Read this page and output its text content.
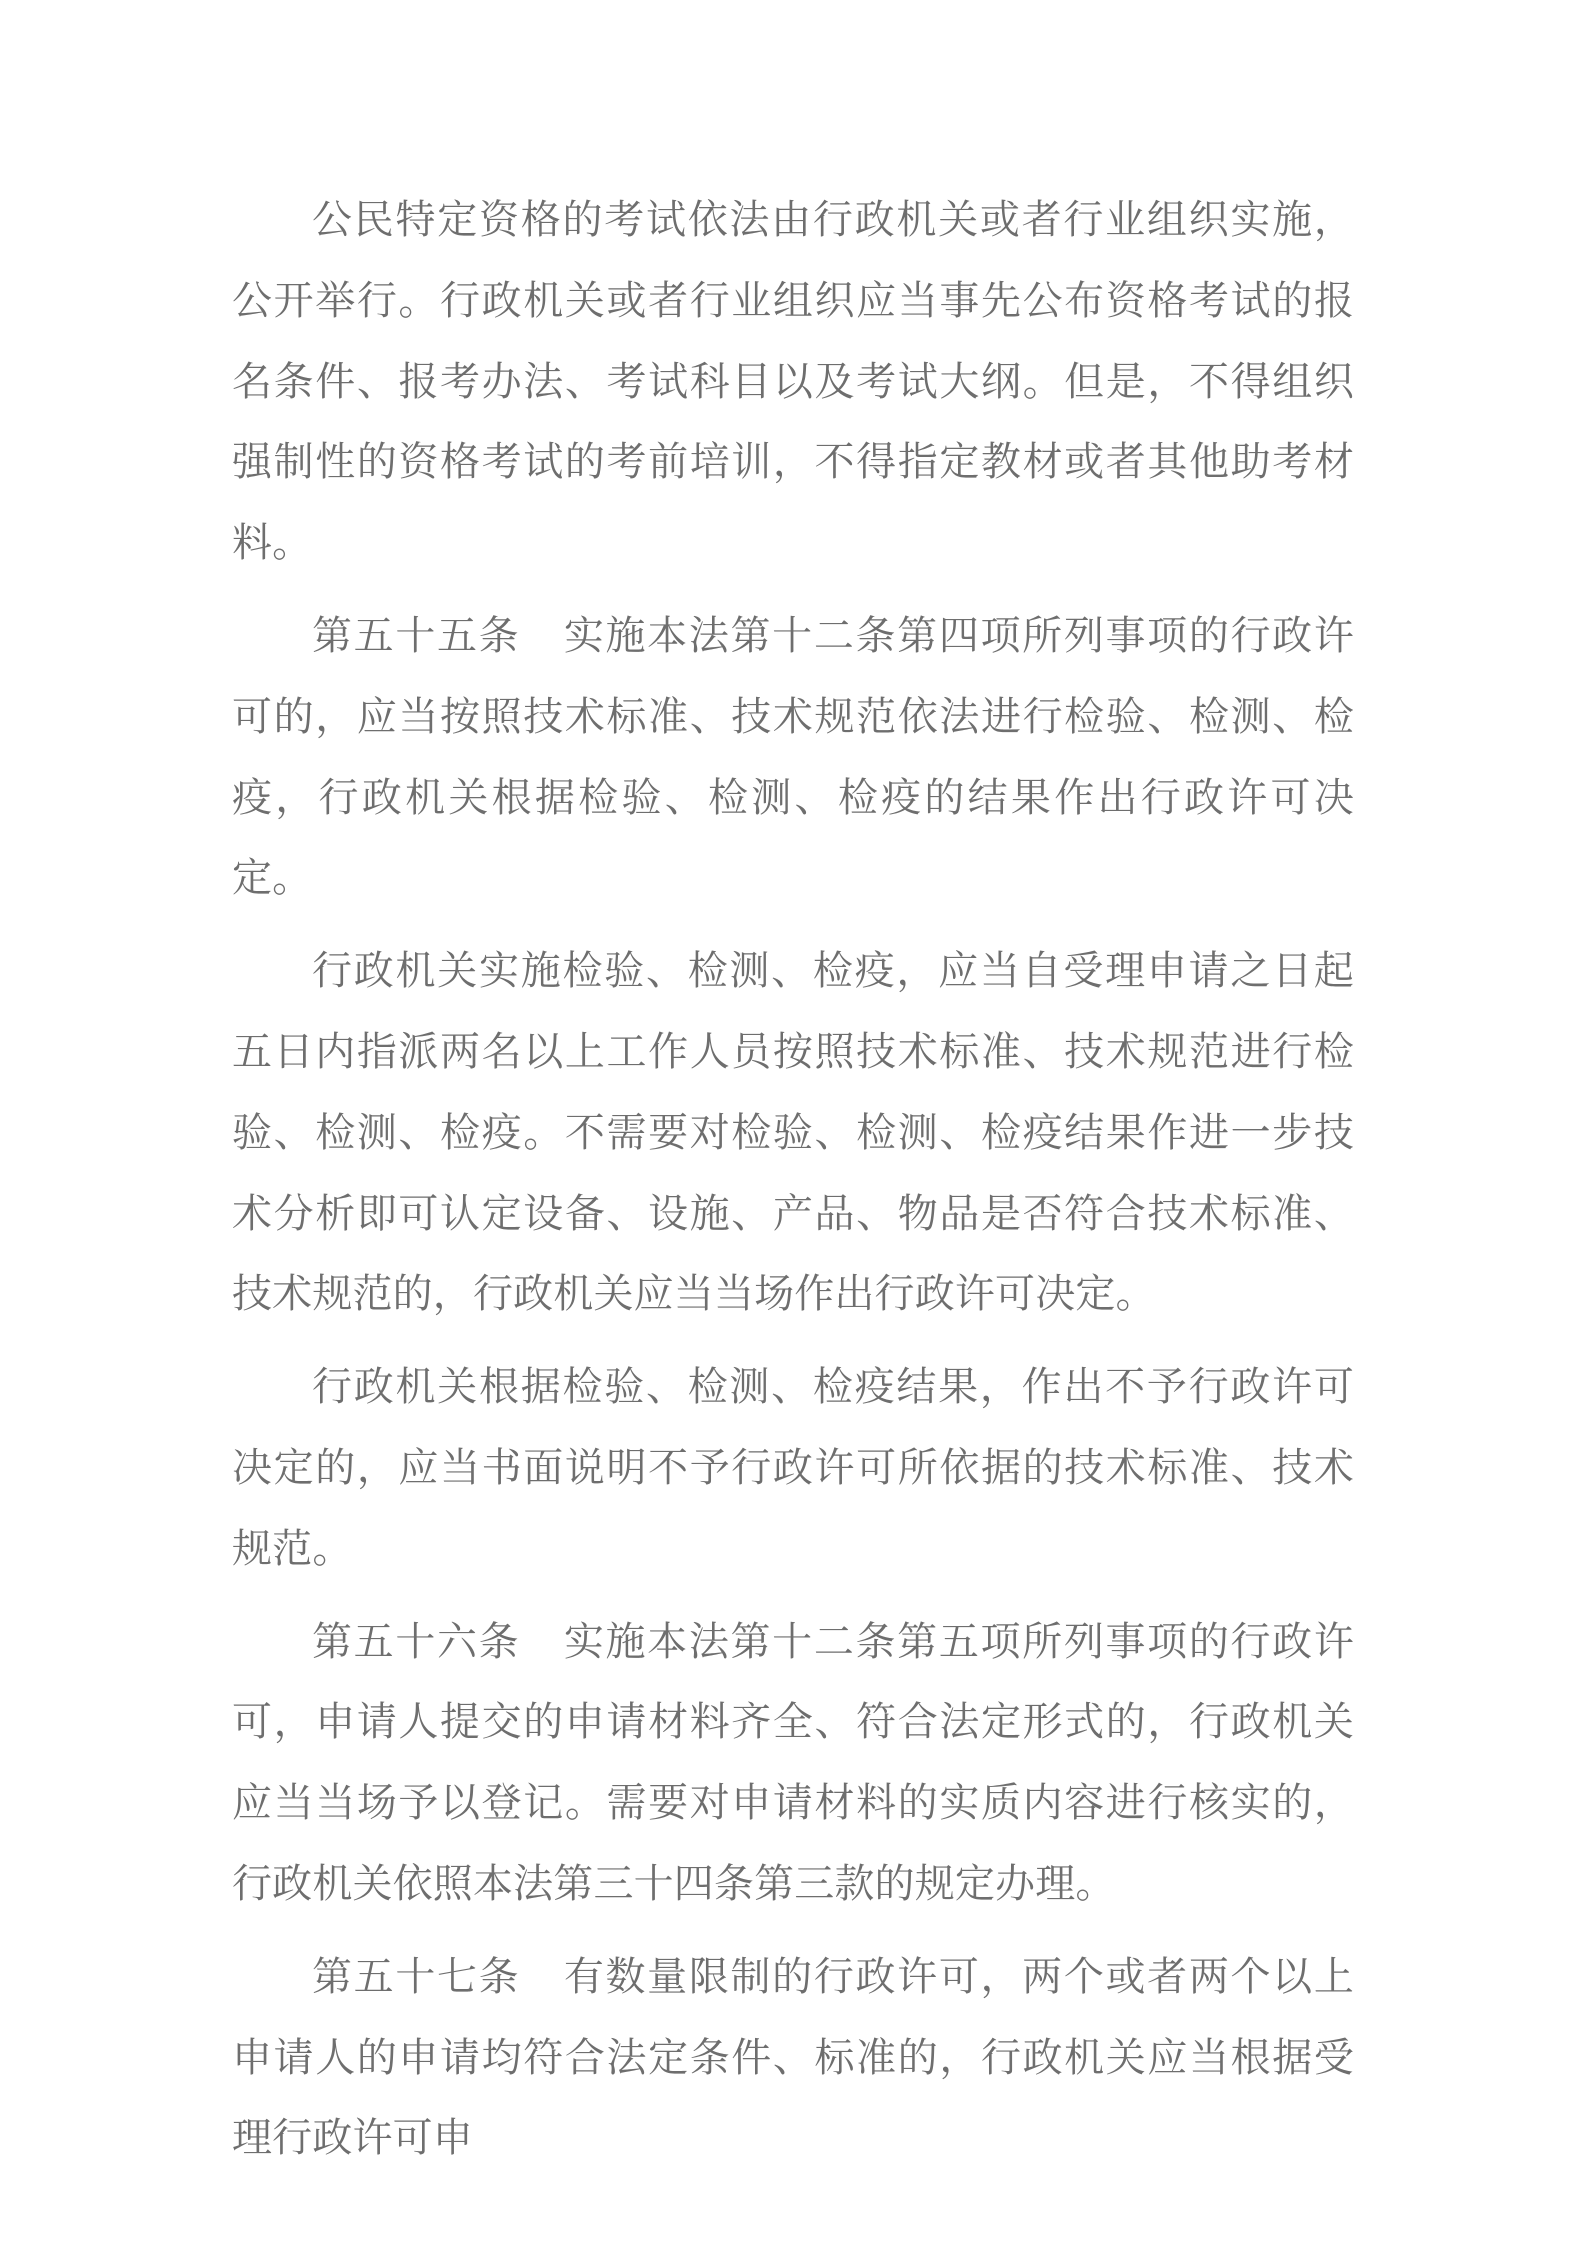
公民特定资格的考试依法由行政机关或者行业组织实施，公开举行。行政机关或者行业组织应当事先公布资格考试的报名条件、报考办法、考试科目以及考试大纲。但是，不得组织强制性的资格考试的考前培训，不得指定教材或者其他助考材料。

第五十五条 实施本法第十二条第四项所列事项的行政许可的，应当按照技术标准、技术规范依法进行检验、检测、检疫，行政机关根据检验、检测、检疫的结果作出行政许可决定。

行政机关实施检验、检测、检疫，应当自受理申请之日起五日内指派两名以上工作人员按照技术标准、技术规范进行检验、检测、检疫。不需要对检验、检测、检疫结果作进一步技术分析即可认定设备、设施、产品、物品是否符合技术标准、技术规范的，行政机关应当当场作出行政许可决定。

行政机关根据检验、检测、检疫结果，作出不予行政许可决定的，应当书面说明不予行政许可所依据的技术标准、技术规范。

第五十六条 实施本法第十二条第五项所列事项的行政许可，申请人提交的申请材料齐全、符合法定形式的，行政机关应当当场予以登记。需要对申请材料的实质内容进行核实的，行政机关依照本法第三十四条第三款的规定办理。

第五十七条 有数量限制的行政许可，两个或者两个以上申请人的申请均符合法定条件、标准的，行政机关应当根据受理行政许可申
